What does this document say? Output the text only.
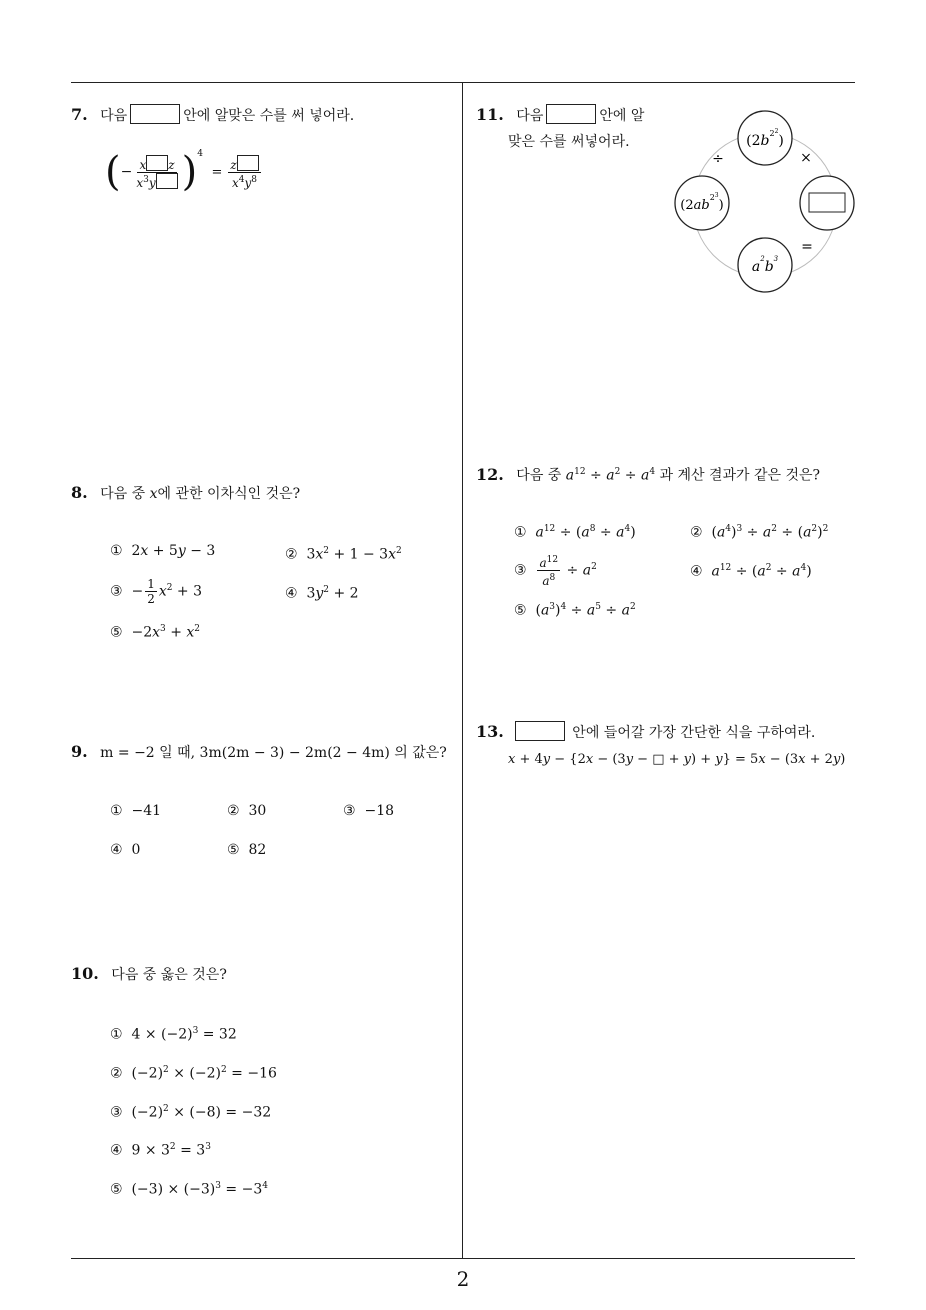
7. 다음	안에 알맞은 수를 써 넣어라.
(− $\frac{\text{x z}}{x^3y} )^4 = \frac{z}{x^4y^8}$
8. 다음 중 x에 관한 이차식인 것은?
①  2x + 5y − 3	②  $3x^2 + 1 - 3x^2$
③  − $\frac{1}{2} x^2 + 3$	④  $3y^2 + 2$
⑤  $-2x^3 + x^2$
9. m = −2 일 때, 3m(2m − 3) − 2m(2 − 4m) 의 값은?
① −41	② 30	③ −18
④ 0	⑤ 82
10. 다음 중 옳은 것은?
①  $4 \times (-2)^3 = 32$
②  $(-2)^2 \times (-2)^2 = -16$
③  $(-2)^2 \times (-8) = -32$
④  $9 \times 3^2 = 3^3$
⑤  $(-3) \times (-3)^3 = -3^4$
11. 다음	안에 알
맞은 수를 써넣어라.	$(2b^{22})$
$(2ab^{23})$
$a^2b^3$
÷	×
=
12. 다음 중 $a^{12} \div a^2 \div a^4$ 과 계산 결과가 같은 것은?
① $a^{12} \div (a^8 \div a^4)$	②  $(a^4)^3 \div a^2 \div (a^2)^2$
③ $\frac{a^{12}}{a^8} \div a^2$	④ $a^{12} \div (a^2 \div a^4)$
⑤  $(a^3)^4 \div a^5 \div a^2$
13.	안에 들어갈 가장 간단한 식을 구하여라.
x + 4y − {2x − (3y − □ + y) + y} = 5x − (3x + 2y)
2
